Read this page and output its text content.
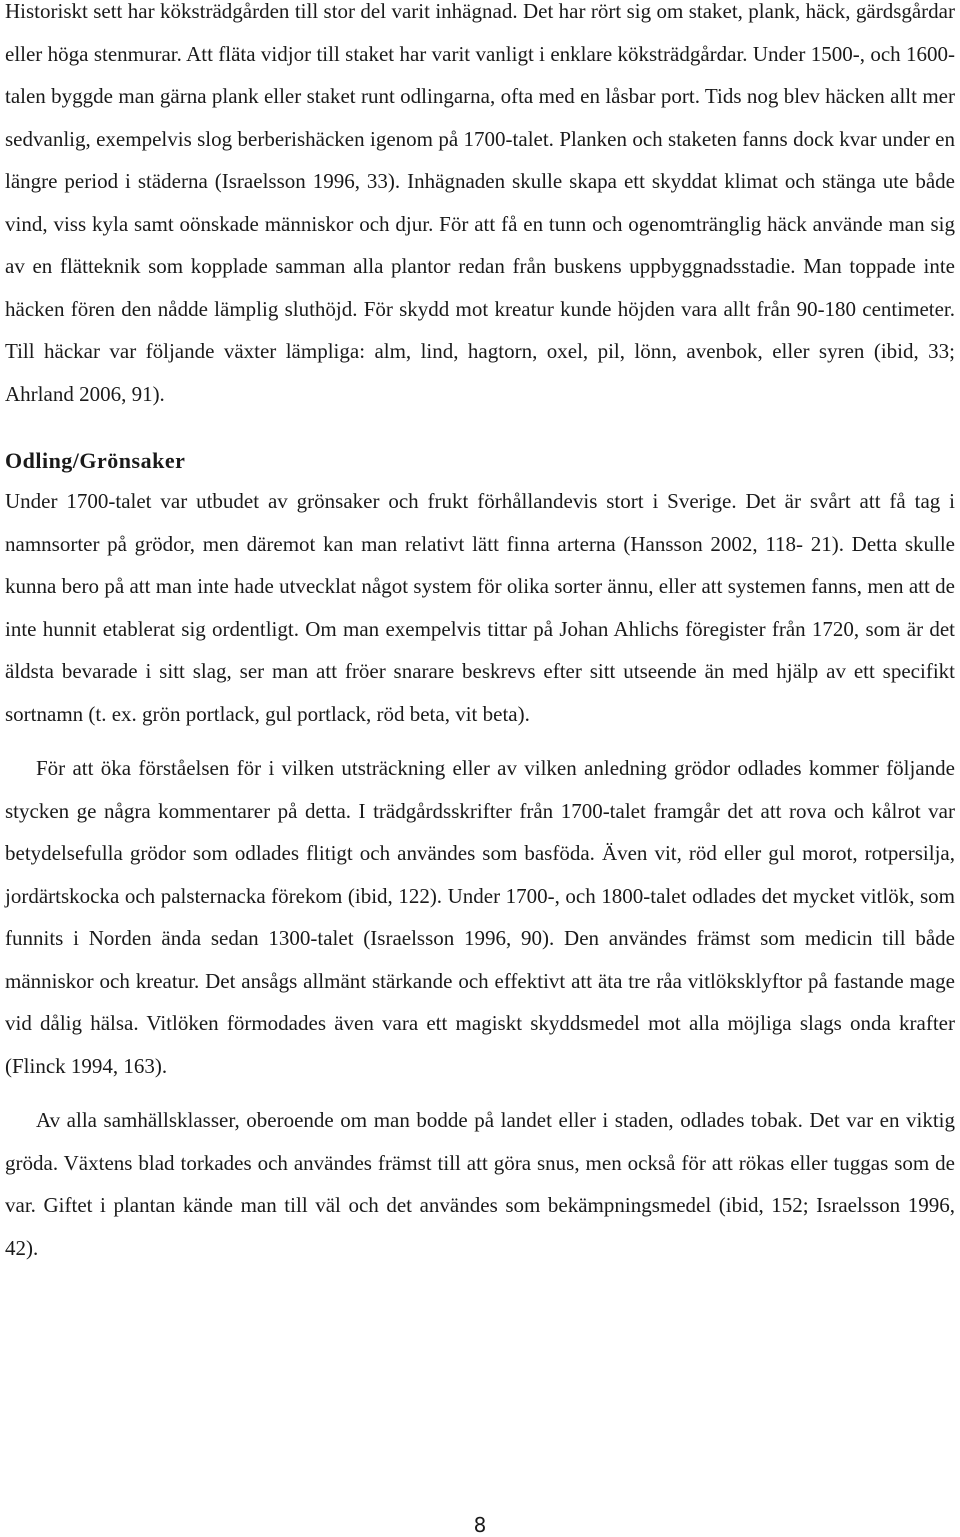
Historiskt sett har köksträdgården till stor del varit inhägnad. Det har rört sig om staket, plank, häck, gärdsgårdar eller höga stenmurar. Att fläta vidjor till staket har varit vanligt i enklare köksträdgårdar. Under 1500-, och 1600-talen byggde man gärna plank eller staket runt odlingarna, ofta med en låsbar port. Tids nog blev häcken allt mer sedvanlig, exempelvis slog berberishäcken igenom på 1700-talet. Planken och staketen fanns dock kvar under en längre period i städerna (Israelsson 1996, 33). Inhägnaden skulle skapa ett skyddat klimat och stänga ute både vind, viss kyla samt oönskade människor och djur. För att få en tunn och ogenomtränglig häck använde man sig av en flätteknik som kopplade samman alla plantor redan från buskens uppbyggnadsstadie. Man toppade inte häcken fören den nådde lämplig sluthöjd. För skydd mot kreatur kunde höjden vara allt från 90-180 centimeter. Till häckar var följande växter lämpliga: alm, lind, hagtorn, oxel, pil, lönn, avenbok, eller syren (ibid, 33; Ahrland 2006, 91).

Odling/Grönsaker

Under 1700-talet var utbudet av grönsaker och frukt förhållandevis stort i Sverige. Det är svårt att få tag i namnsorter på grödor, men däremot kan man relativt lätt finna arterna (Hansson 2002, 118- 21). Detta skulle kunna bero på att man inte hade utvecklat något system för olika sorter ännu, eller att systemen fanns, men att de inte hunnit etablerat sig ordentligt. Om man exempelvis tittar på Johan Ahlichs föregister från 1720, som är det äldsta bevarade i sitt slag, ser man att fröer snarare beskrevs efter sitt utseende än med hjälp av ett specifikt sortnamn (t. ex. grön portlack, gul portlack, röd beta, vit beta).

För att öka förståelsen för i vilken utsträckning eller av vilken anledning grödor odlades kommer följande stycken ge några kommentarer på detta. I trädgårdsskrifter från 1700-talet framgår det att rova och kålrot var betydelsefulla grödor som odlades flitigt och användes som basföda. Även vit, röd eller gul morot, rotpersilja, jordärtskocka och palsternacka förekom (ibid, 122). Under 1700-, och 1800-talet odlades det mycket vitlök, som funnits i Norden ända sedan 1300-talet (Israelsson 1996, 90). Den användes främst som medicin till både människor och kreatur. Det ansågs allmänt stärkande och effektivt att äta tre råa vitlöksklyftor på fastande mage vid dålig hälsa. Vitlöken förmodades även vara ett magiskt skyddsmedel mot alla möjliga slags onda krafter (Flinck 1994, 163).

Av alla samhällsklasser, oberoende om man bodde på landet eller i staden, odlades tobak. Det var en viktig gröda. Växtens blad torkades och användes främst till att göra snus, men också för att rökas eller tuggas som de var. Giftet i plantan kände man till väl och det användes som bekämpningsmedel (ibid, 152; Israelsson 1996, 42).

8
